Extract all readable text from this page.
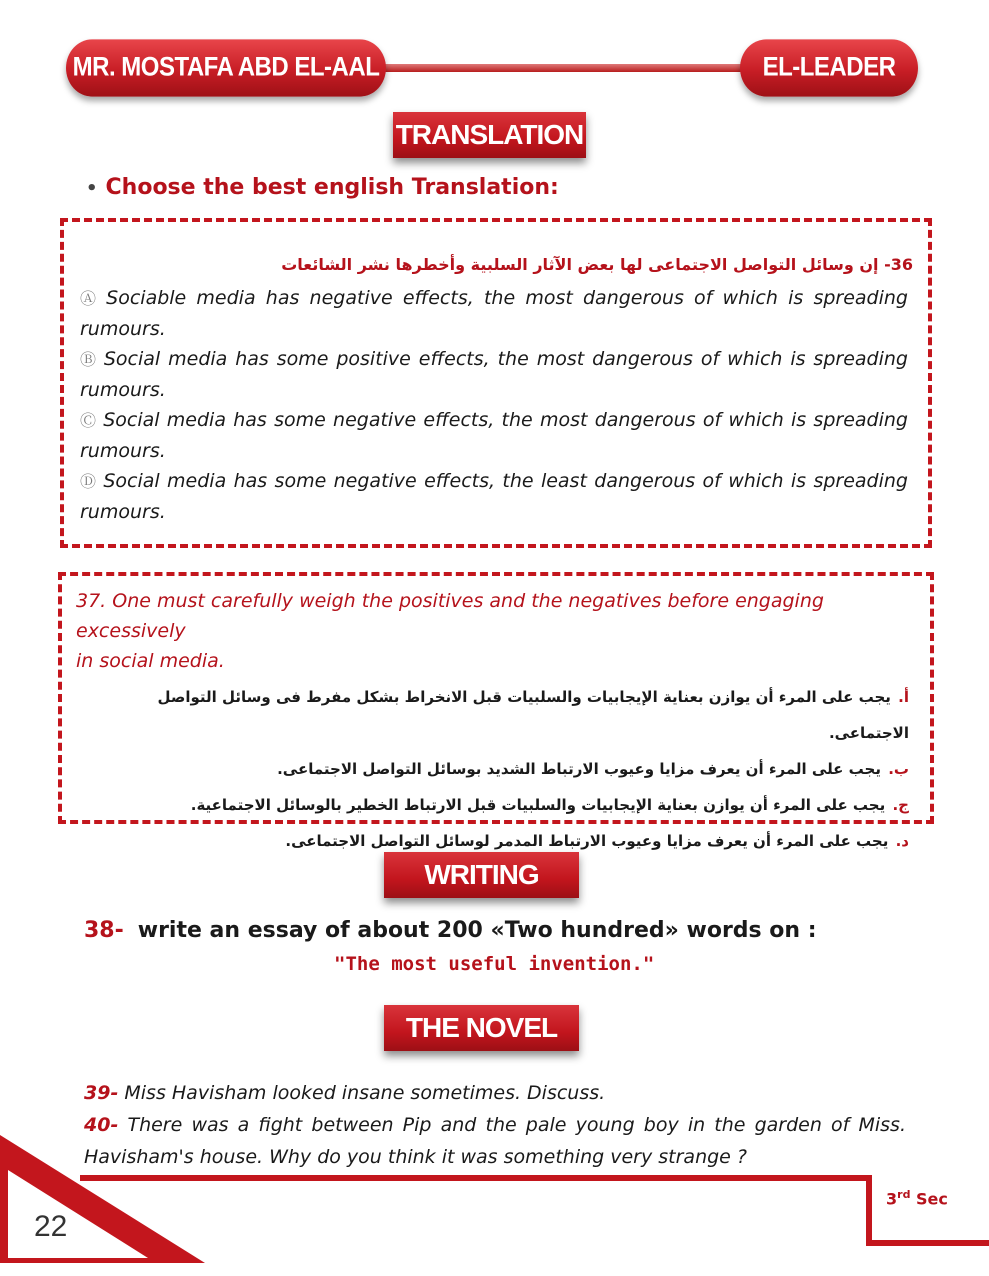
MR. MOSTAFA ABD EL-AAL	EL-LEADER
TRANSLATION
• Choose the best english Translation:
36- إن وسائل التواصل الاجتماعى لها بعض الآثار السلبية وأخطرها نشر الشائعات
Ⓐ Sociable media has negative effects, the most dangerous of which is spreading
rumours.
Ⓑ Social media has some positive effects, the most dangerous of which is spreading
rumours.
Ⓒ Social media has some negative effects, the most dangerous of which is spreading
rumours.
Ⓓ Social media has some negative effects, the least dangerous of which is spreading
rumours.
37. One must carefully weigh the positives and the negatives before engaging excessively
in social media.
أ. يجب على المرء أن يوازن بعناية الإيجابيات والسلبيات قبل الانخراط بشكل مفرط فى وسائل التواصل الاجتماعى.
ب. يجب على المرء أن يعرف مزايا وعيوب الارتباط الشديد بوسائل التواصل الاجتماعى.
ج. يجب على المرء أن يوازن بعناية الإيجابيات والسلبيات قبل الارتباط الخطير بالوسائل الاجتماعية.
د. يجب على المرء أن يعرف مزايا وعيوب الارتباط المدمر لوسائل التواصل الاجتماعى.
WRITING
38- write an essay of about 200 «Two hundred» words on :
"The most useful invention."
THE NOVEL
39- Miss Havisham looked insane sometimes. Discuss.
40- There was a fight between Pip and the pale young boy in the garden of Miss.
Havisham's house. Why do you think it was something very strange ?
22
3rd Sec
